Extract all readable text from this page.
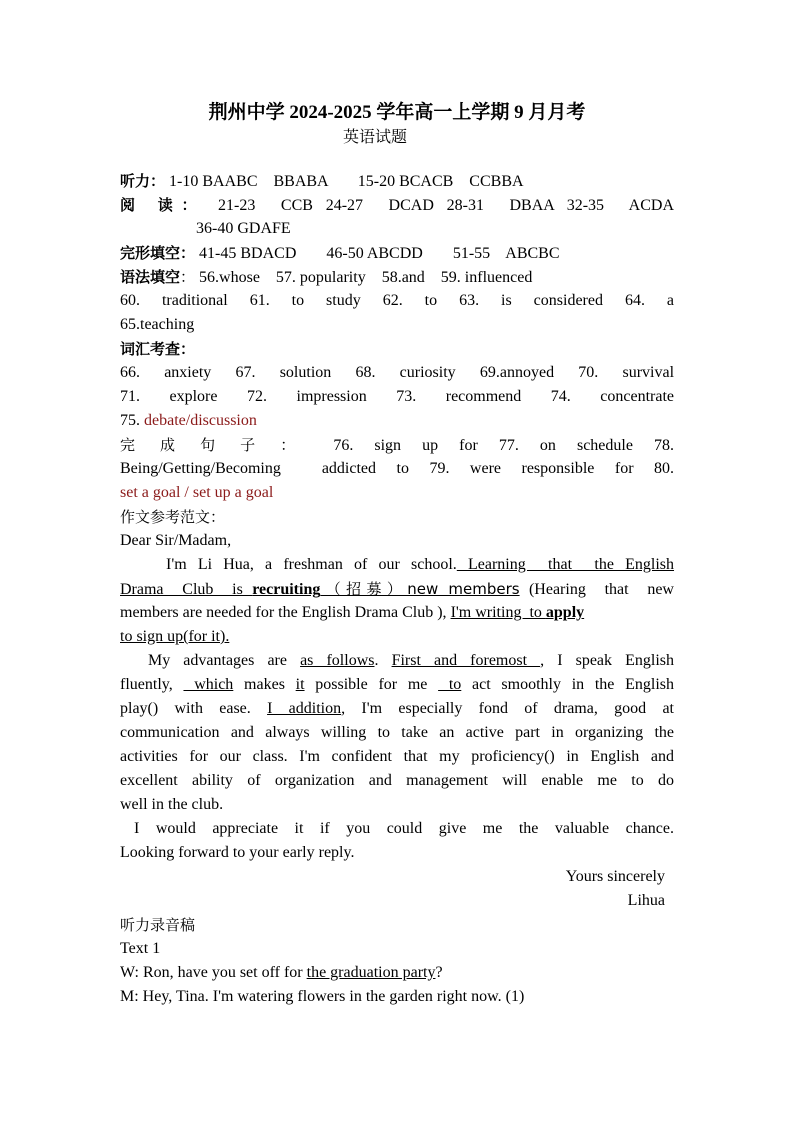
荆州中学 2024-2025 学年高一上学期 9 月月考
英语试题
听力： 1-10 BAABC    BBABA 15-20 BCACB    CCBBA
阅 读： 21-23  CCB 24-27  DCAD 28-31  DBAA 32-35  ACDA
36-40 GDAFE
完形填空： 41-45 BDACD 46-50 ABCDD 51-55    ABCBC
语法填空： 56.whose 57. popularity 58.and 59. influenced
60. traditional 61. to study 62. to 63. is considered 64. a
65.teaching
词汇考查：
66. anxiety 67. solution 68. curiosity 69.annoyed 70. survival
71. explore 72. impression 73. recommend 74. concentrate
75. debate/discussion
完成句子： 76. sign up for 77. on schedule 78.
Being/Getting/Becoming  addicted to 79. were responsible for 80.
set a goal / set up a goal
作文参考范文：
Dear Sir/Madam,
I'm Li Hua, a freshman of our school. Learning  that  the English
Drama  Club  is recruiting（招募）new members (Hearing  that  new
members are needed for the English Drama Club ), I'm writing  to apply
to sign up(for it).
My advantages are as follows. First and foremost , I speak English
fluently,  which makes it possible for me  to act smoothly in the English
play() with ease. I addition, I'm especially fond of drama, good at
communication and always willing to take an active part in organizing the
activities for our class. I'm confident that my proficiency() in English and
excellent ability of organization and management will enable me to do
well in the club.
I would appreciate it if you could give me the valuable chance.
Looking forward to your early reply.
Yours sincerely
Lihua
听力录音稿
Text 1
W: Ron, have you set off for the graduation party?
M: Hey, Tina. I'm watering flowers in the garden right now. (1)
